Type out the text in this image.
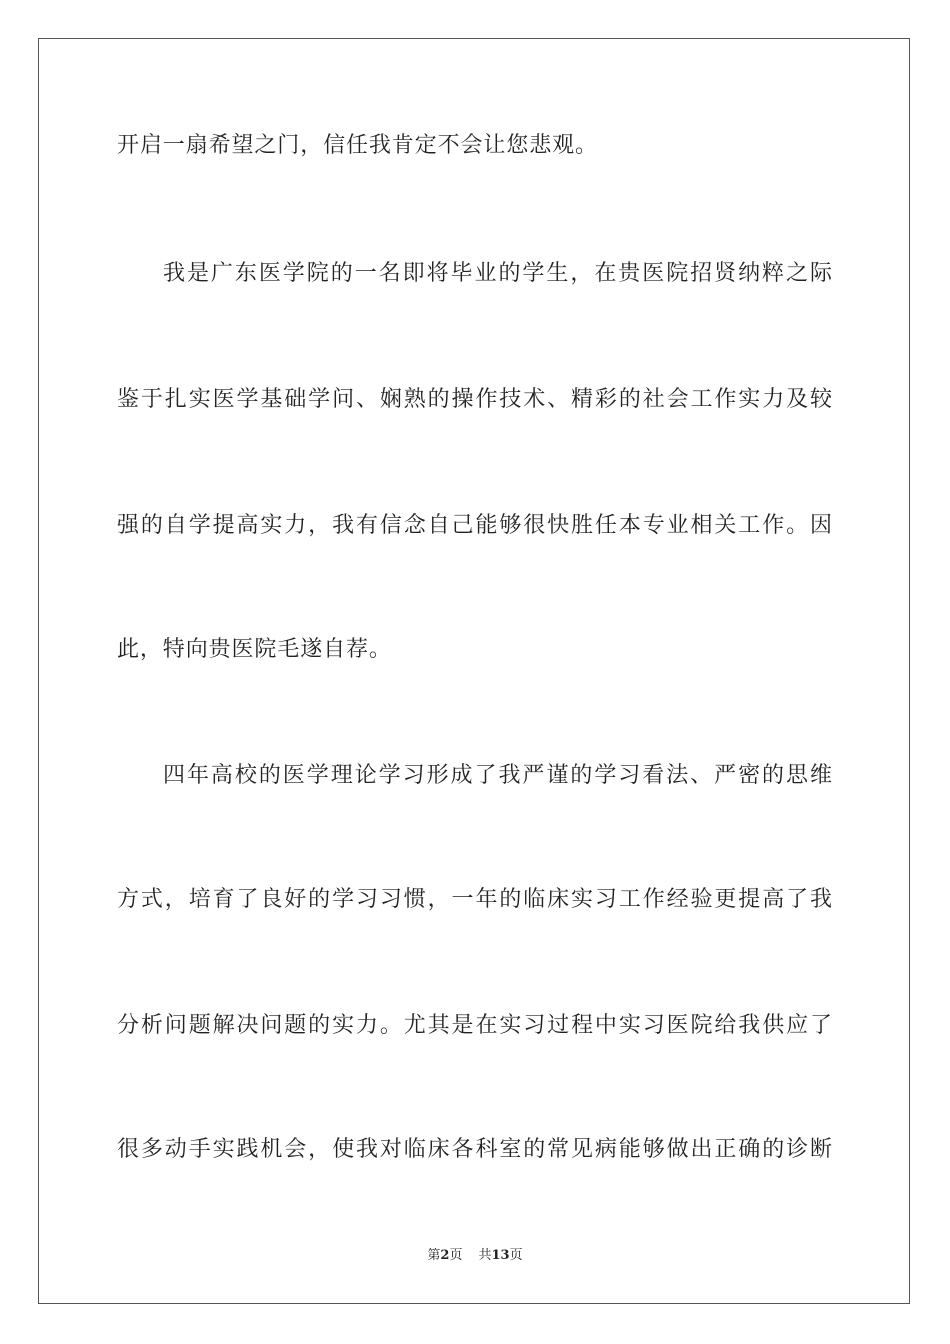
开启一扇希望之门，信任我肯定不会让您悲观。
我是广东医学院的一名即将毕业的学生，在贵医院招贤纳粹之际
鉴于扎实医学基础学问、娴熟的操作技术、精彩的社会工作实力及较
强的自学提高实力，我有信念自己能够很快胜任本专业相关工作。因
此，特向贵医院毛遂自荐。
四年高校的医学理论学习形成了我严谨的学习看法、严密的思维
方式，培育了良好的学习习惯，一年的临床实习工作经验更提高了我
分析问题解决问题的实力。尤其是在实习过程中实习医院给我供应了
很多动手实践机会，使我对临床各科室的常见病能够做出正确的诊断
第2页 共13页
